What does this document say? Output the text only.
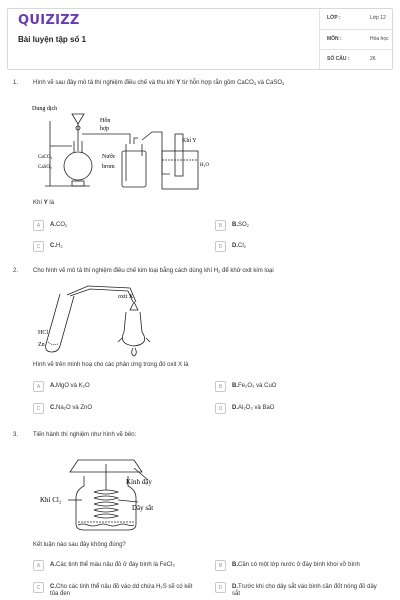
QUIZIZZ
Bài luyện tập số 1
LỚP :	Lớp 12
MÔN :	Hóa học
SỐ CÂU :	26
1. Hình vẽ sau đây mô tả thí nghiệm điều chế và thu khí Y từ hỗn hợp rắn gồm CaCO$_3$ và CaSO$_3$
Dung dịch
Hỗn
hợp
CaCO₃
CaSO₃
Nước
brom
Khí Y
H₂O
Khí Y là
A	$A.CO_2$	B	$B.SO_2$
C	$C.H_2$	D	$D.Cl_2$
2. Cho hình vẽ mô tả thí nghiệm điều chế kim loại bằng cách dùng khí $H_2$ để khử oxit kim loại
oxit X
HCl
Zn
Hình vẽ trên minh hoạ cho các phản ứng trong đó oxit X là
A	A.MgO và K₂O	B	B.Fe₂O₃ và CuO
C	C.Na₂O và ZnO	D	D.Al₂O₃ và BaO
3. Tiến hành thí nghiệm như hình vẽ bên:
Kính đậy
Khí Cl₂
Dây sắt
Kết luận nào sau đây không đúng?
A	A.Các tinh thể màu nâu đỏ ở đáy bình là FeCl₃	B	B.Cần có một lớp nước ở đáy bình khoi vỡ bình
C	C.Cho các tinh thể nâu đỏ vào dd chứa H₂S sẽ có kết tủa đen
D	D.Trước khi cho dây sắt vào bình cần đốt nóng đỏ dây sắt
